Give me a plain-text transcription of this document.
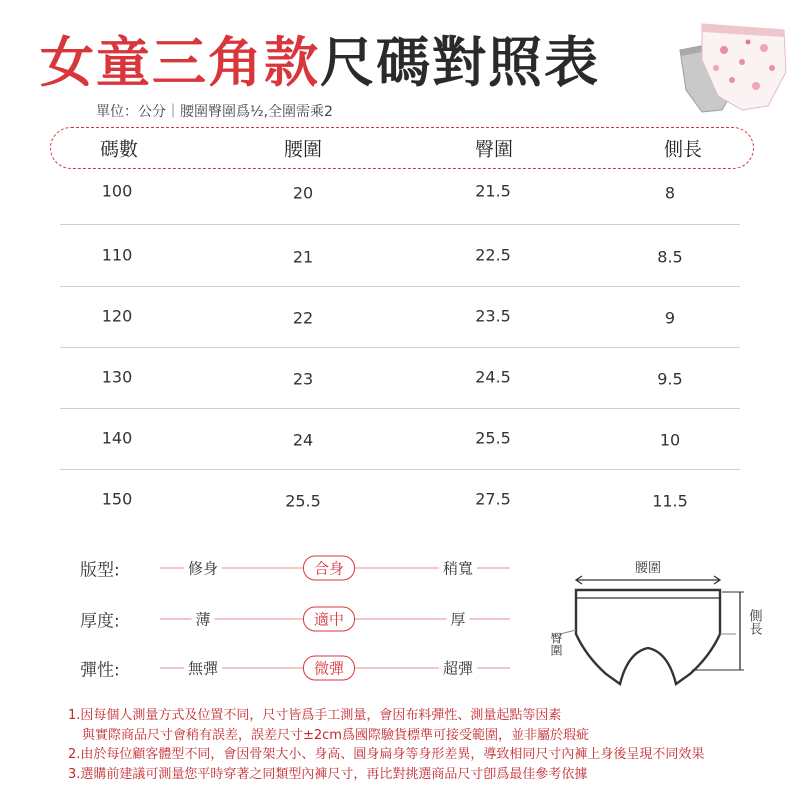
女童三角款尺碼對照表
單位：公分｜腰圍臀圍爲½,全圍需乘2
碼數	腰圍	臀圍	側長
100	20	21.5	8
110	21	22.5	8.5
120	22	23.5	9
130	23	24.5	9.5
140	24	25.5	10
150	25.5	27.5	11.5
版型:	修身	合身	稍寬
厚度:	薄	適中	厚
彈性:	無彈	微彈	超彈
腰圍
側長
臀圍
1.因每個人測量方式及位置不同，尺寸皆爲手工測量，會因布料彈性、測量起點等因素
與實際商品尺寸會稍有誤差，誤差尺寸±2cm爲國際驗貨標準可接受範圍，並非屬於瑕疵
2.由於每位顧客體型不同，會因骨架大小、身高、圓身扁身等身形差異，導致相同尺寸內褲上身後呈現不同效果
3.選購前建議可測量您平時穿著之同類型內褲尺寸，再比對挑選商品尺寸卽爲最佳參考依據
